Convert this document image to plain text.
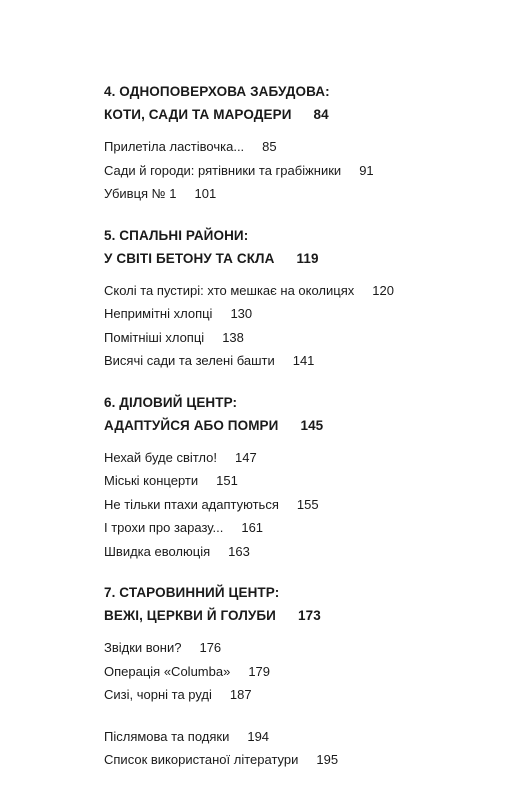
4. ОДНОПОВЕРХОВА ЗАБУДОВА:
КОТИ, САДИ ТА МАРОДЕРИ 84
Прилетіла ластівочка... 85
Сади й городи: рятівники та грабіжники 91
Убивця № 1 101
5. СПАЛЬНІ РАЙОНИ:
У СВІТІ БЕТОНУ ТА СКЛА 119
Сколі та пустирі: хто мешкає на околицях 120
Непримітні хлопці 130
Помітніші хлопці 138
Висячі сади та зелені башти 141
6. ДІЛОВИЙ ЦЕНТР:
АДАПТУЙСЯ АБО ПОМРИ 145
Нехай буде світло! 147
Міські концерти 151
Не тільки птахи адаптуються 155
І трохи про заразу... 161
Швидка еволюція 163
7. СТАРОВИННИЙ ЦЕНТР:
ВЕЖІ, ЦЕРКВИ Й ГОЛУБИ 173
Звідки вони? 176
Операція «Columba» 179
Сизі, чорні та руді 187
Післямова та подяки 194
Список використаної літератури 195
